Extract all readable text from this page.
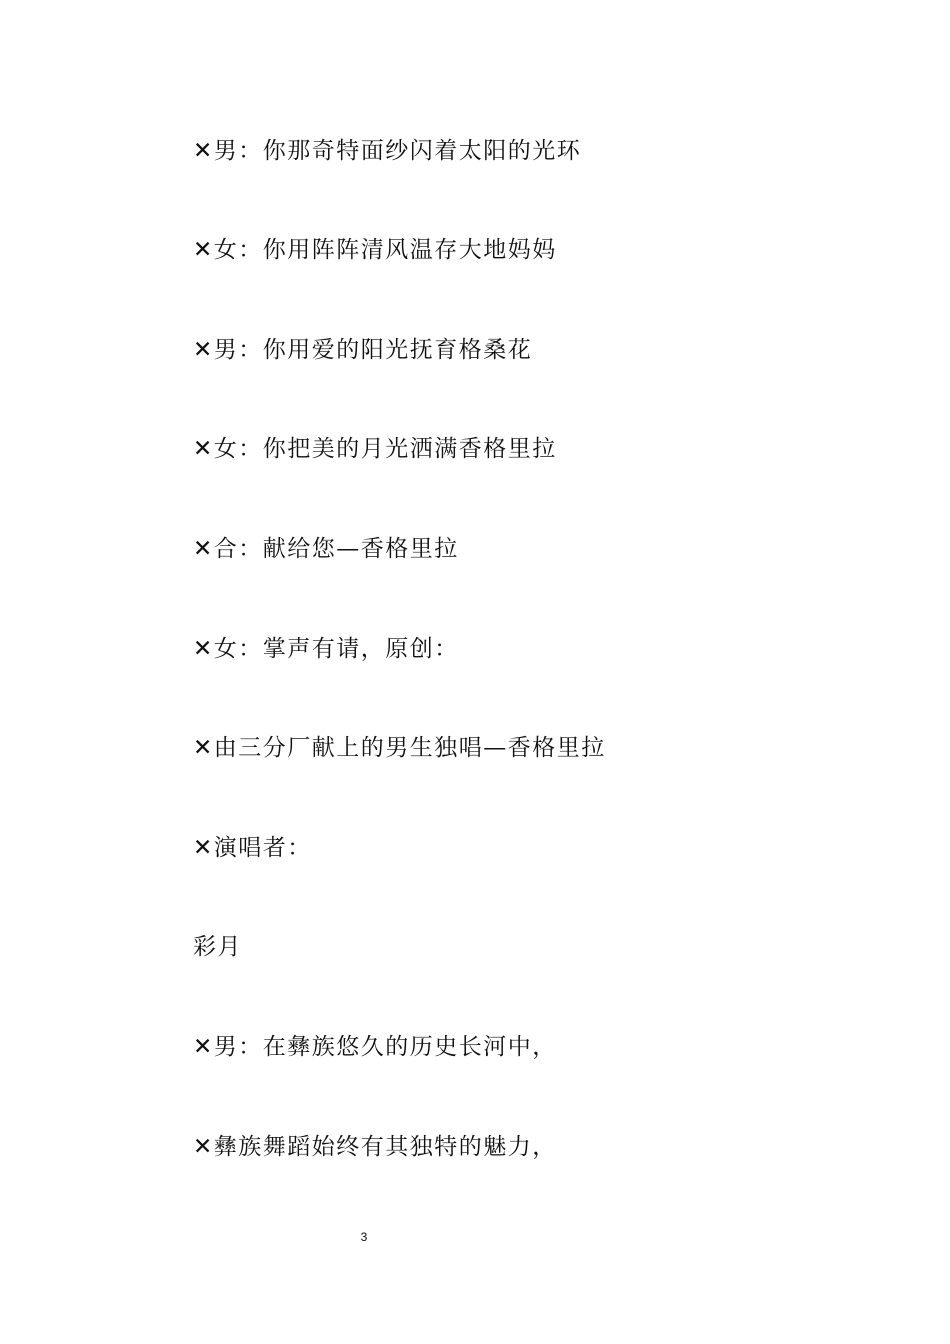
✕男：你那奇特面纱闪着太阳的光环
✕女：你用阵阵清风温存大地妈妈
✕男：你用爱的阳光抚育格桑花
✕女：你把美的月光洒满香格里拉
✕合：献给您—香格里拉
✕女：掌声有请，原创：
✕由三分厂献上的男生独唱—香格里拉
✕演唱者：
彩月
✕男：在彝族悠久的历史长河中，
✕彝族舞蹈始终有其独特的魅力，
3
